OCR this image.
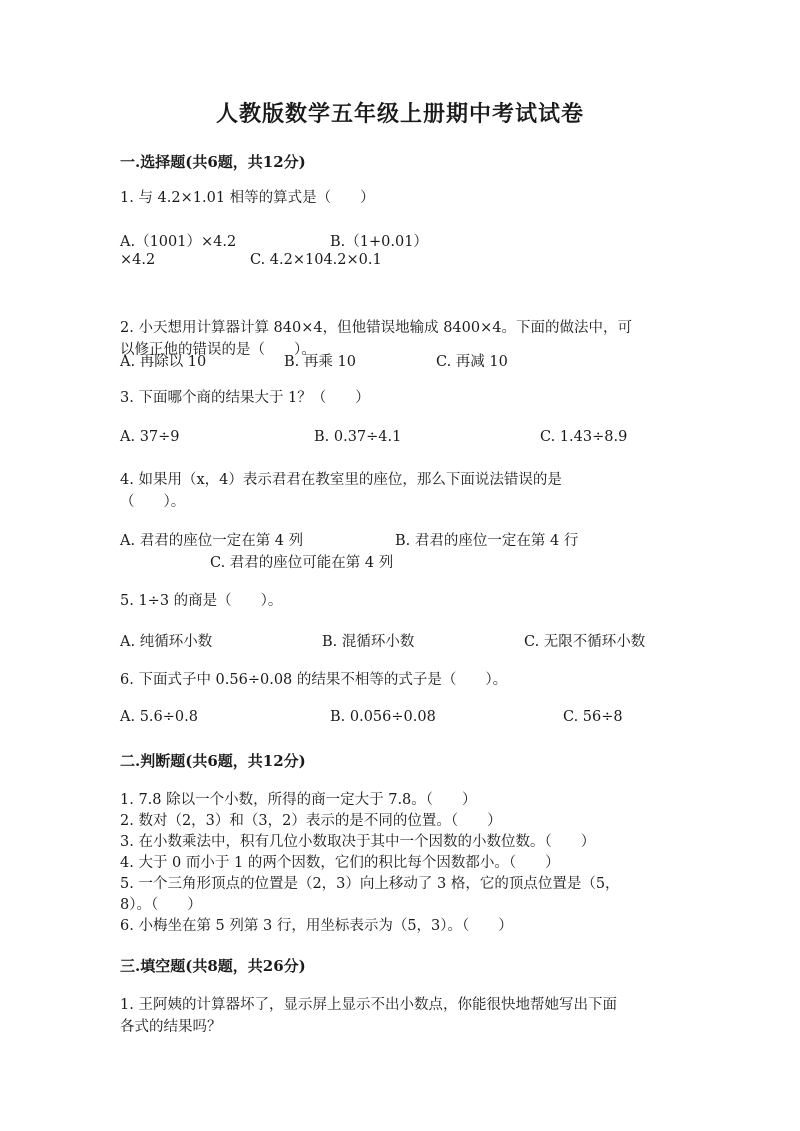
人教版数学五年级上册期中考试试卷
一.选择题(共6题，共12分)
1. 与 4.2×1.01 相等的算式是（　　）
A.（1001）×4.2	B.（1+0.01）
×4.2	C. 4.2×104.2×0.1
2. 小天想用计算器计算 840×4，但他错误地输成 8400×4。下面的做法中，可
以修正他的错误的是（　　）。
A. 再除以 10	B. 再乘 10	C. 再减 10
3. 下面哪个商的结果大于 1？（　　）
A. 37÷9	B. 0.37÷4.1	C. 1.43÷8.9
4. 如果用（x，4）表示君君在教室里的座位，那么下面说法错误的是
（　　）。
A. 君君的座位一定在第 4 列	B. 君君的座位一定在第 4 行
C. 君君的座位可能在第 4 列
5. 1÷3 的商是（　　）。
A. 纯循环小数	B. 混循环小数	C. 无限不循环小数
6. 下面式子中 0.56÷0.08 的结果不相等的式子是（　　）。
A. 5.6÷0.8	B. 0.056÷0.08	C. 56÷8
二.判断题(共6题，共12分)
1. 7.8 除以一个小数，所得的商一定大于 7.8。（　　）
2. 数对（2，3）和（3，2）表示的是不同的位置。（　　）
3. 在小数乘法中，积有几位小数取决于其中一个因数的小数位数。（　　）
4. 大于 0 而小于 1 的两个因数，它们的积比每个因数都小。（　　）
5. 一个三角形顶点的位置是（2，3）向上移动了 3 格，它的顶点位置是（5，
8）。（　　）
6. 小梅坐在第 5 列第 3 行，用坐标表示为（5，3）。（　　）
三.填空题(共8题，共26分)
1. 王阿姨的计算器坏了，显示屏上显示不出小数点，你能很快地帮她写出下面
各式的结果吗？
